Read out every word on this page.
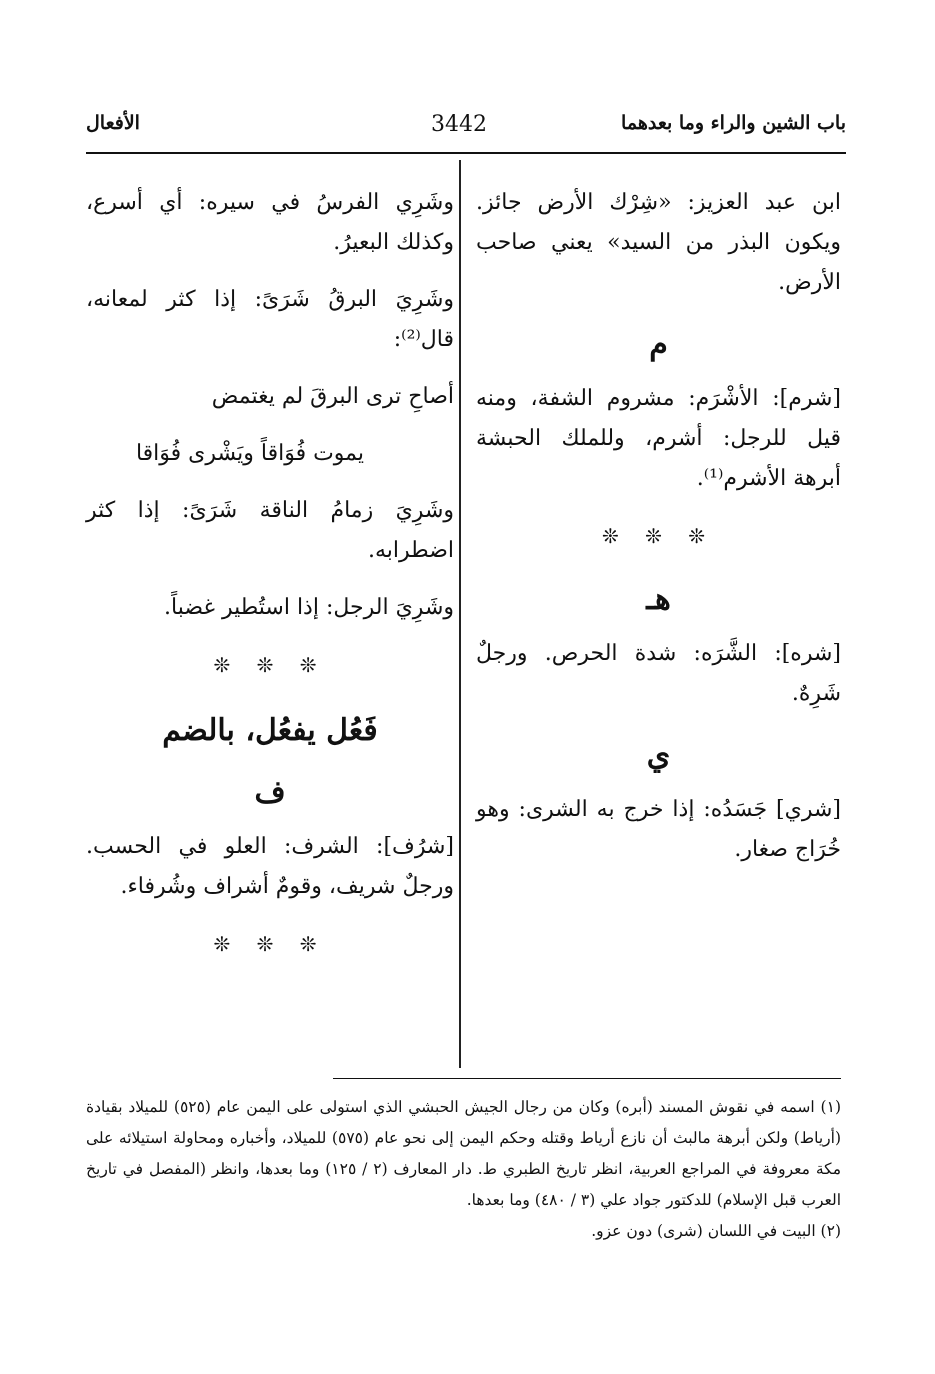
باب الشين والراء وما بعدهما
3442
الأفعال

ابن عبد العزيز: «شِرْك الأرض جائز. ويكون البذر من السيد» يعني صاحب الأرض.

م

[شرم]: الأشْرَم: مشروم الشفة، ومنه قيل للرجل: أشرم، وللملك الحبشة أبرهة الأشرم⁽¹⁾.

❊ ❊ ❊
هـ

[شره]: الشَّرَه: شدة الحرص. ورجلٌ شَرِهٌ.

ي

[شري] جَسَدُه: إذا خرج به الشرى: وهو خُرَاج صغار.

وشَرِي الفرسُ في سيره: أي أسرع، وكذلك البعيرُ.

وشَرِيَ البرقُ شَرَىً: إذا كثر لمعانه، قال⁽²⁾:

أصاحِ ترى البرقَ لم يغتمض
يموت فُوَاقاً ويَشْرى فُوَاقا

وشَرِيَ زمامُ الناقة شَرَىً: إذا كثر اضطرابه.

وشَرِيَ الرجل: إذا استُطير غضباً.

❊ ❊ ❊
فَعُل يفعُل، بالضم
ف

[شرُف]: الشرف: العلو في الحسب. ورجلٌ شريف، وقومٌ أشراف وشُرفاء.

❊ ❊ ❊

(١) اسمه في نقوش المسند (أبره) وكان من رجال الجيش الحبشي الذي استولى على اليمن عام (٥٢٥) للميلاد بقيادة (أرياط) ولكن أبرهة مالبث أن نازع أرياط وقتله وحكم اليمن إلى نحو عام (٥٧٥) للميلاد، وأخباره ومحاولة استيلائه على مكة معروفة في المراجع العربية، انظر تاريخ الطبري ط. دار المعارف (٢ / ١٢٥) وما بعدها، وانظر (المفصل في تاريخ العرب قبل الإسلام) للدكتور جواد علي (٣ / ٤٨٠) وما بعدها.

(٢) البيت في اللسان (شرى) دون عزو.
